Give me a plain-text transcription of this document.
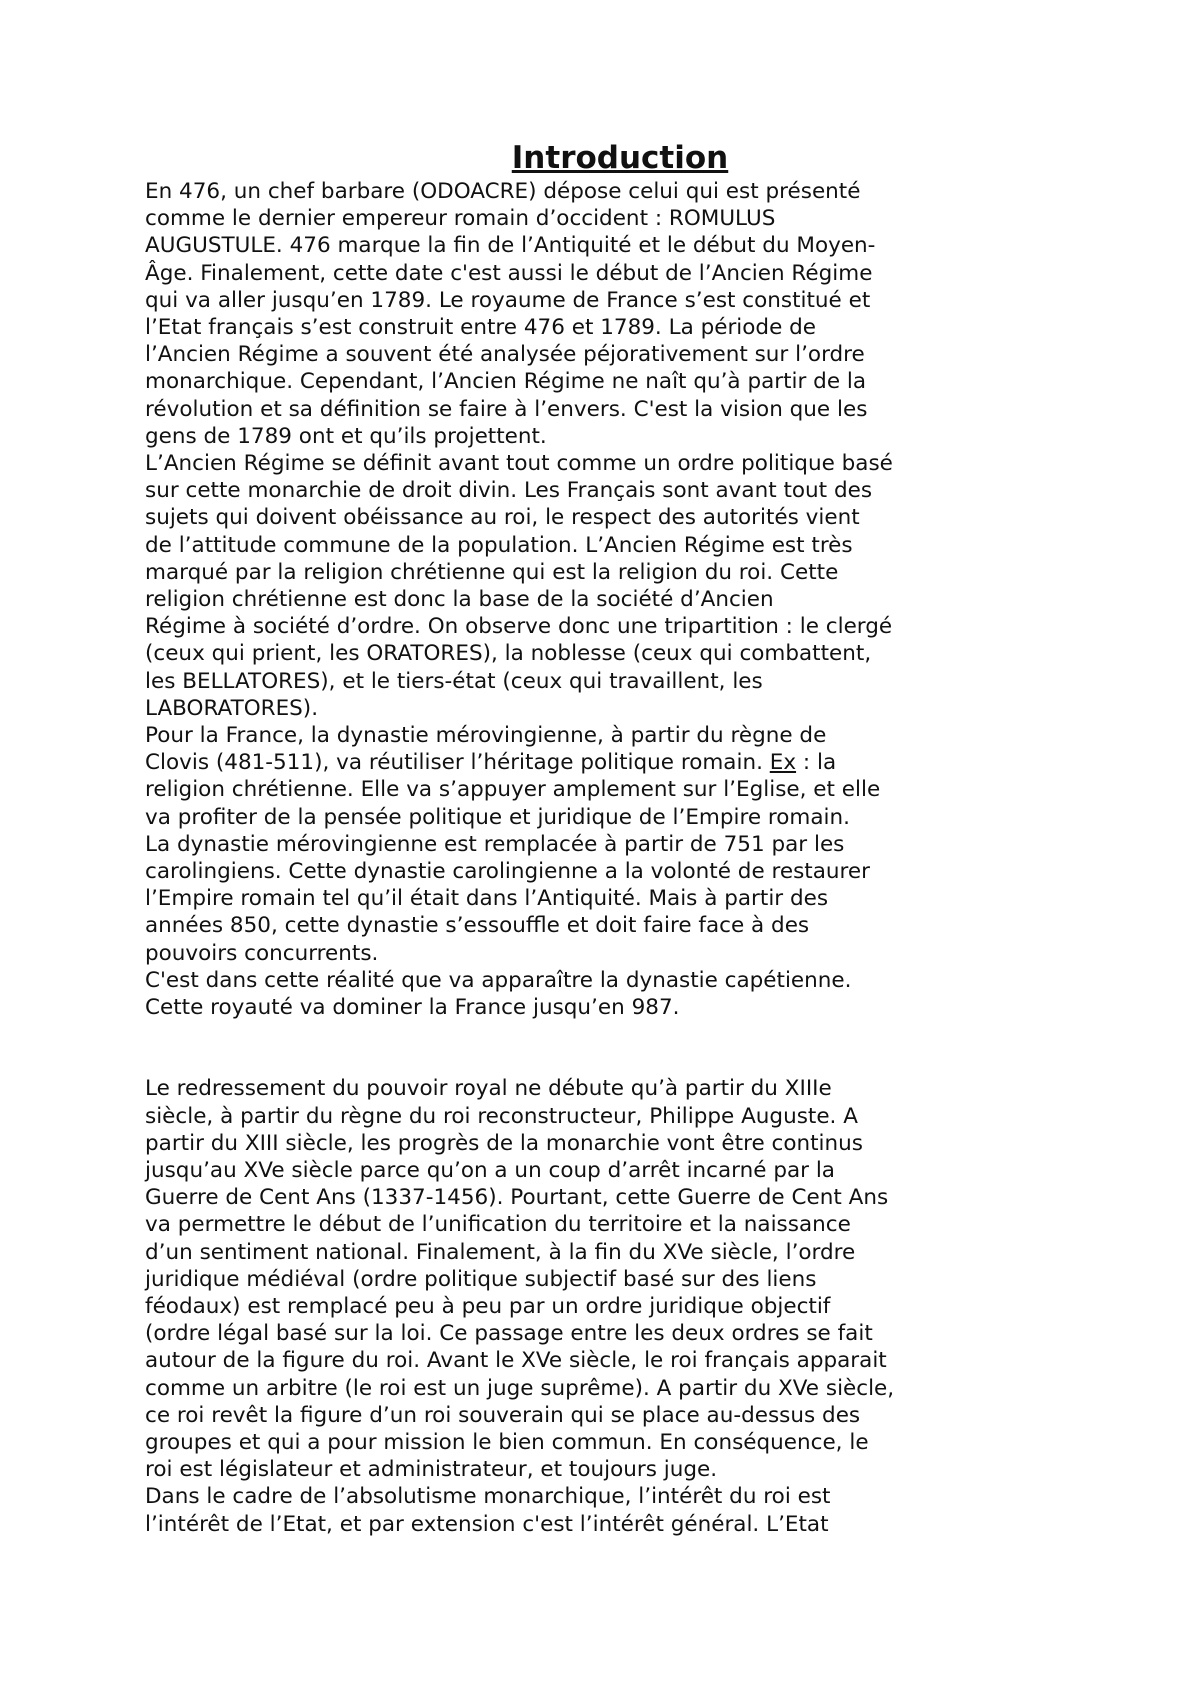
Introduction

En 476, un chef barbare (ODOACRE) dépose celui qui est présenté
comme le dernier empereur romain d’occident : ROMULUS
AUGUSTULE. 476 marque la fin de l’Antiquité et le début du Moyen-
Âge. Finalement, cette date c'est aussi le début de l’Ancien Régime
qui va aller jusqu’en 1789. Le royaume de France s’est constitué et
l’Etat français s’est construit entre 476 et 1789. La période de
l’Ancien Régime a souvent été analysée péjorativement sur l’ordre
monarchique. Cependant, l’Ancien Régime ne naît qu’à partir de la
révolution et sa définition se faire à l’envers. C'est la vision que les
gens de 1789 ont et qu’ils projettent.

L’Ancien Régime se définit avant tout comme un ordre politique basé
sur cette monarchie de droit divin. Les Français sont avant tout des
sujets qui doivent obéissance au roi, le respect des autorités vient
de l’attitude commune de la population. L’Ancien Régime est très
marqué par la religion chrétienne qui est la religion du roi. Cette
religion chrétienne est donc la base de la société d’Ancien
Régime à société d’ordre. On observe donc une tripartition : le clergé
(ceux qui prient, les ORATORES), la noblesse (ceux qui combattent,
les BELLATORES), et le tiers-état (ceux qui travaillent, les
LABORATORES).

Pour la France, la dynastie mérovingienne, à partir du règne de
Clovis (481-511), va réutiliser l’héritage politique romain. Ex : la
religion chrétienne. Elle va s’appuyer amplement sur l’Eglise, et elle
va profiter de la pensée politique et juridique de l’Empire romain.

La dynastie mérovingienne est remplacée à partir de 751 par les
carolingiens. Cette dynastie carolingienne a la volonté de restaurer
l’Empire romain tel qu’il était dans l’Antiquité. Mais à partir des
années 850, cette dynastie s’essouffle et doit faire face à des
pouvoirs concurrents.

C'est dans cette réalité que va apparaître la dynastie capétienne.
Cette royauté va dominer la France jusqu’en 987.

Le redressement du pouvoir royal ne débute qu’à partir du XIIIe
siècle, à partir du règne du roi reconstructeur, Philippe Auguste. A
partir du XIII siècle, les progrès de la monarchie vont être continus
jusqu’au XVe siècle parce qu’on a un coup d’arrêt incarné par la
Guerre de Cent Ans (1337-1456). Pourtant, cette Guerre de Cent Ans
va permettre le début de l’unification du territoire et la naissance
d’un sentiment national. Finalement, à la fin du XVe siècle, l’ordre
juridique médiéval (ordre politique subjectif basé sur des liens
féodaux) est remplacé peu à peu par un ordre juridique objectif
(ordre légal basé sur la loi. Ce passage entre les deux ordres se fait
autour de la figure du roi. Avant le XVe siècle, le roi français apparait
comme un arbitre (le roi est un juge suprême). A partir du XVe siècle,
ce roi revêt la figure d’un roi souverain qui se place au-dessus des
groupes et qui a pour mission le bien commun. En conséquence, le
roi est législateur et administrateur, et toujours juge.

Dans le cadre de l’absolutisme monarchique, l’intérêt du roi est
l’intérêt de l’Etat, et par extension c'est l’intérêt général. L’Etat
